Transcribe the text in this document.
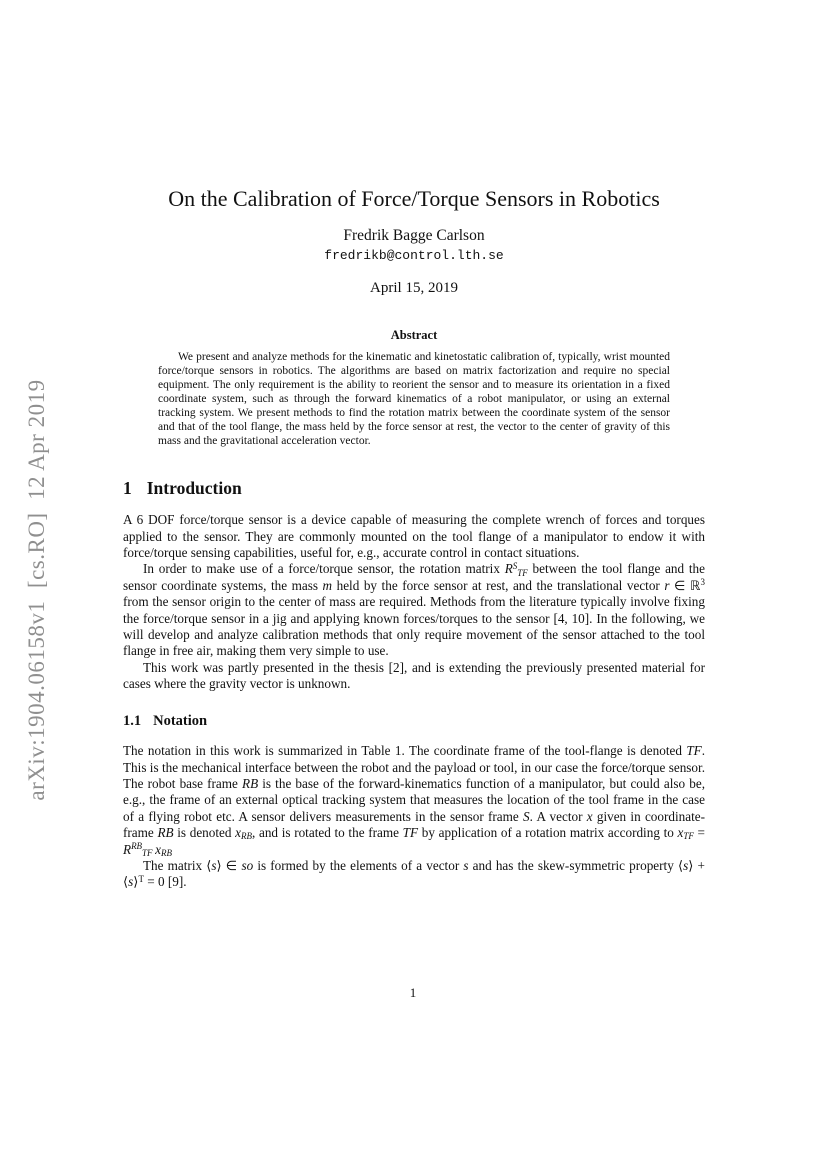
arXiv:1904.06158v1  [cs.RO]  12 Apr 2019
On the Calibration of Force/Torque Sensors in Robotics

Fredrik Bagge Carlson

fredrikb@control.lth.se

April 15, 2019

Abstract

We present and analyze methods for the kinematic and kinetostatic calibration of, typically, wrist mounted force/torque sensors in robotics. The algorithms are based on matrix factorization and require no special equipment. The only requirement is the ability to reorient the sensor and to measure its orientation in a fixed coordinate system, such as through the forward kinematics of a robot manipulator, or using an external tracking system. We present methods to find the rotation matrix between the coordinate system of the sensor and that of the tool flange, the mass held by the force sensor at rest, the vector to the center of gravity of this mass and the gravitational acceleration vector.

1 Introduction

A 6 DOF force/torque sensor is a device capable of measuring the complete wrench of forces and torques applied to the sensor. They are commonly mounted on the tool flange of a manipulator to endow it with force/torque sensing capabilities, useful for, e.g., accurate control in contact situations.

In order to make use of a force/torque sensor, the rotation matrix $R^STF$ between the tool flange and the sensor coordinate systems, the mass m held by the force sensor at rest, and the translational vector r ∈ ℝ$^3$ from the sensor origin to the center of mass are required. Methods from the literature typically involve fixing the force/torque sensor in a jig and applying known forces/torques to the sensor [4, 10]. In the following, we will develop and analyze calibration methods that only require movement of the sensor attached to the tool flange in free air, making them very simple to use.

This work was partly presented in the thesis [2], and is extending the previously presented material for cases where the gravity vector is unknown.

1.1 Notation

The notation in this work is summarized in Table 1. The coordinate frame of the tool-flange is denoted TF. This is the mechanical interface between the robot and the payload or tool, in our case the force/torque sensor. The robot base frame RB is the base of the forward-kinematics function of a manipulator, but could also be, e.g., the frame of an external optical tracking system that measures the location of the tool frame in the case of a flying robot etc. A sensor delivers measurements in the sensor frame S. A vector x given in coordinate-frame RB is denoted xRB, and is rotated to the frame TF by application of a rotation matrix according to xTF = $R^{RB}TF$  xRB

The matrix ⟨s⟩ ∈ so is formed by the elements of a vector s and has the skew-symmetric property ⟨s⟩ + ⟨s⟩$^T$ = 0 [9].

1
